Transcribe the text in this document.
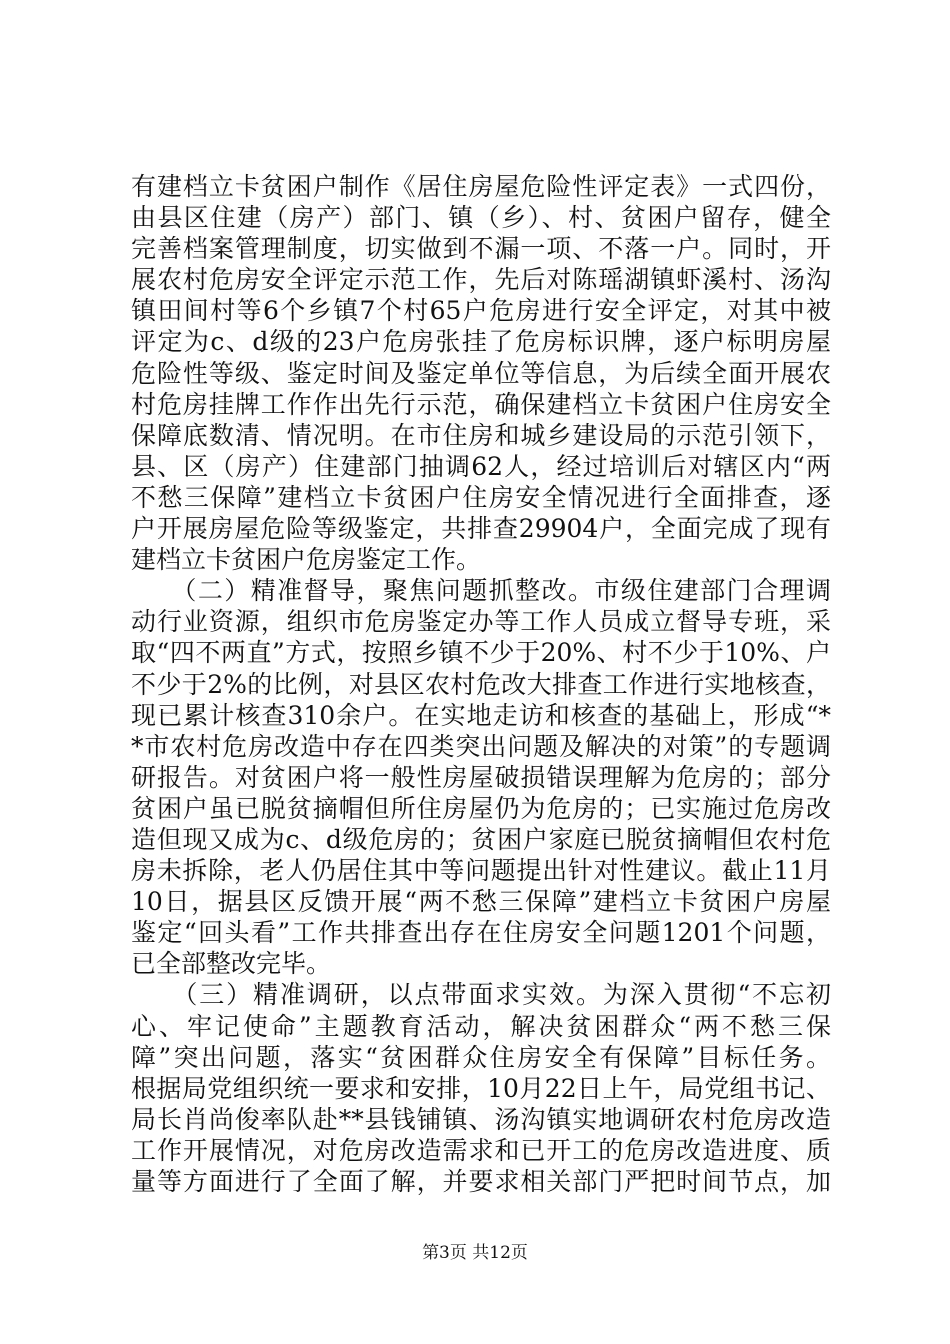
有建档立卡贫困户制作《居住房屋危险性评定表》一式四份，
由县区住建（房产）部门、镇（乡）、村、贫困户留存，健全
完善档案管理制度，切实做到不漏一项、不落一户。同时，开
展农村危房安全评定示范工作，先后对陈瑶湖镇虾溪村、汤沟
镇田间村等6个乡镇7个村65户危房进行安全评定，对其中被
评定为c、d级的23户危房张挂了危房标识牌，逐户标明房屋
危险性等级、鉴定时间及鉴定单位等信息，为后续全面开展农
村危房挂牌工作作出先行示范，确保建档立卡贫困户住房安全
保障底数清、情况明。在市住房和城乡建设局的示范引领下，
县、区（房产）住建部门抽调62人，经过培训后对辖区内“两
不愁三保障”建档立卡贫困户住房安全情况进行全面排查，逐
户开展房屋危险等级鉴定，共排查29904户，全面完成了现有
建档立卡贫困户危房鉴定工作。
　　（二）精准督导，聚焦问题抓整改。市级住建部门合理调
动行业资源，组织市危房鉴定办等工作人员成立督导专班，采
取“四不两直”方式，按照乡镇不少于20%、村不少于10%、户
不少于2%的比例，对县区农村危改大排查工作进行实地核查，
现已累计核查310余户。在实地走访和核查的基础上，形成“*
*市农村危房改造中存在四类突出问题及解决的对策”的专题调
研报告。对贫困户将一般性房屋破损错误理解为危房的；部分
贫困户虽已脱贫摘帽但所住房屋仍为危房的；已实施过危房改
造但现又成为c、d级危房的；贫困户家庭已脱贫摘帽但农村危
房未拆除，老人仍居住其中等问题提出针对性建议。截止11月
10日，据县区反馈开展“两不愁三保障”建档立卡贫困户房屋
鉴定“回头看”工作共排查出存在住房安全问题1201个问题，
已全部整改完毕。
　　（三）精准调研，以点带面求实效。为深入贯彻“不忘初
心、牢记使命”主题教育活动，解决贫困群众“两不愁三保
障”突出问题，落实“贫困群众住房安全有保障”目标任务。
根据局党组织统一要求和安排，10月22日上午，局党组书记、
局长肖尚俊率队赴**县钱铺镇、汤沟镇实地调研农村危房改造
工作开展情况，对危房改造需求和已开工的危房改造进度、质
量等方面进行了全面了解，并要求相关部门严把时间节点，加
第3页 共12页
